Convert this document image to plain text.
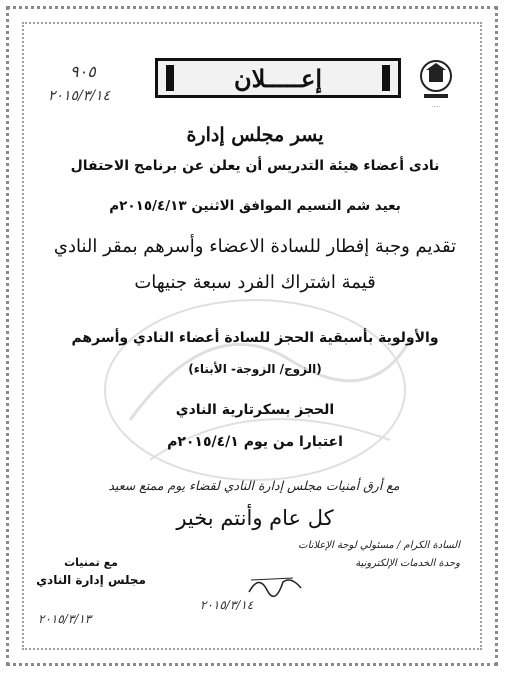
·····
إعـــــلان
٩٠٥
٢٠١٥/٣/١٤
يسر مجلس إدارة
نادى أعضاء هيئة التدريس أن يعلن عن برنامج الاحتفال
بعيد شم النسيم الموافق الاثنين ٢٠١٥/٤/١٣م
تقديم وجبة إفطار للسادة الاعضاء وأسرهم بمقر النادي
قيمة اشتراك الفرد سبعة جنيهات
والأولوية بأسبقية الحجز للسادة أعضاء النادي وأسرهم
(الزوج/ الزوجة- الأبناء)
الحجز بسكرتارية النادي
اعتبارا من يوم ٢٠١٥/٤/١م
مع أرق أمنيات مجلس إدارة النادي لقضاء يوم ممتع سعيد
كل عام وأنتم بخير
السادة الكرام / مسئولي لوحة الإعلانات
وحدة الخدمات الإلكترونية
٢٠١٥/٣/١٤
مع تمنيات
مجلس إدارة النادي
٢٠١٥/٣/١٣
